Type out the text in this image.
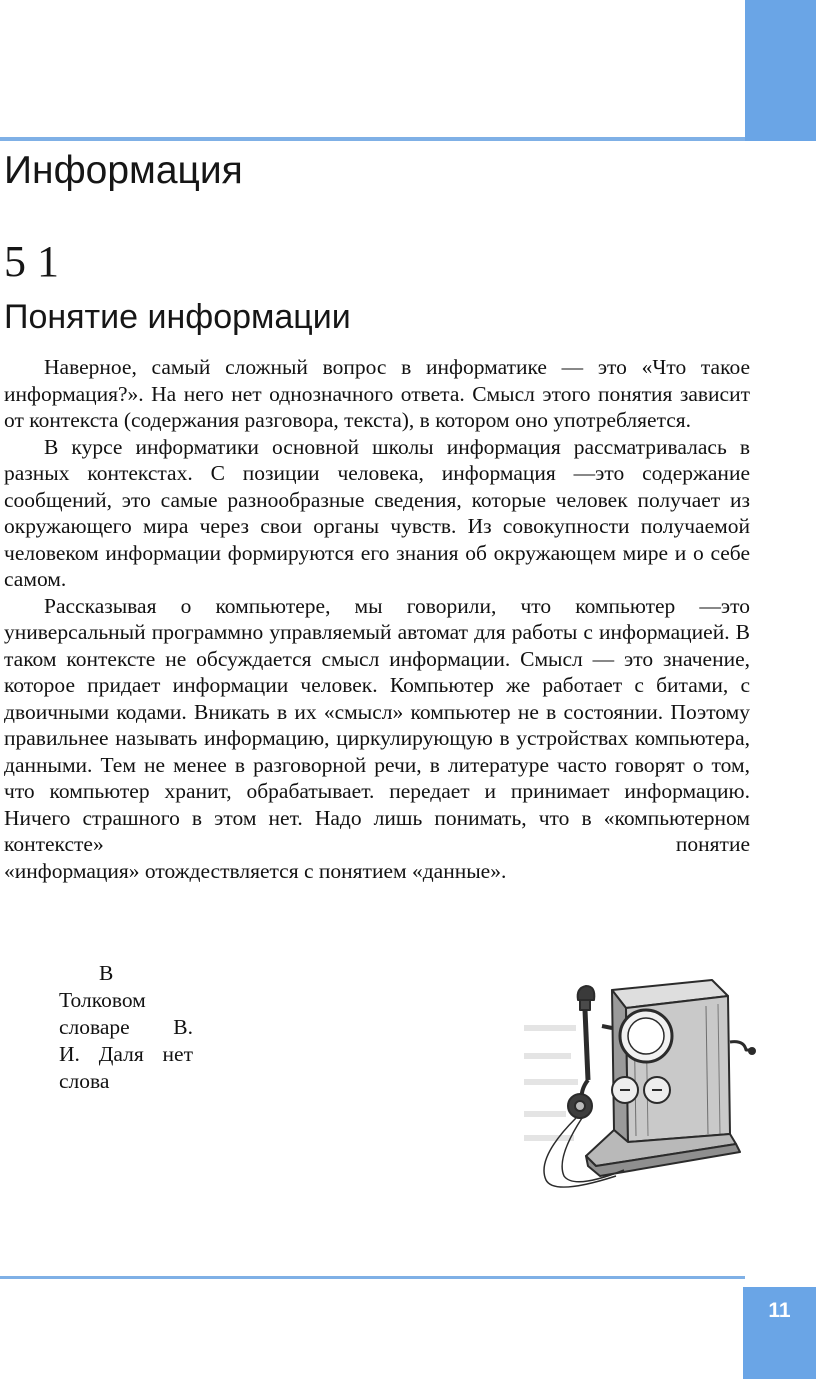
Информация
5 1
Понятие информации

Наверное, самый сложный вопрос в информатике — это «Что такое информация?». На него нет однозначного ответа. Смысл этого понятия зависит от контекста (содержания разговора, текста), в котором оно употребляется.

В курсе информатики основной школы информация рассматривалась в разных контекстах. С позиции человека, информация —это содержание сообщений, это самые разнообразные сведения, которые человек получает из окружающего мира через свои органы чувств. Из совокупности получаемой человеком информации формируются его знания об окружающем мире и о себе самом.

Рассказывая о компьютере, мы говорили, что компьютер —это универсальный программно управляемый автомат для работы с информацией. В таком контексте не обсуждается смысл информации. Смысл — это значение, которое придает информации человек. Компьютер же работает с битами, с двоичными кодами. Вникать в их «смысл» компьютер не в состоянии. Поэтому правильнее называть информацию, циркулирующую в устройствах компьютера, данными. Тем не менее в разговорной речи, в литературе часто говорят о том, что компьютер хранит, обрабатывает. передает и принимает информацию. Ничего страшного в этом нет. Надо лишь понимать, что в «компьютерном контексте» понятие

«информация» отождествляется с понятием «данные».
В
Толковом
словаре В.
И. Даля нет
слова
11
